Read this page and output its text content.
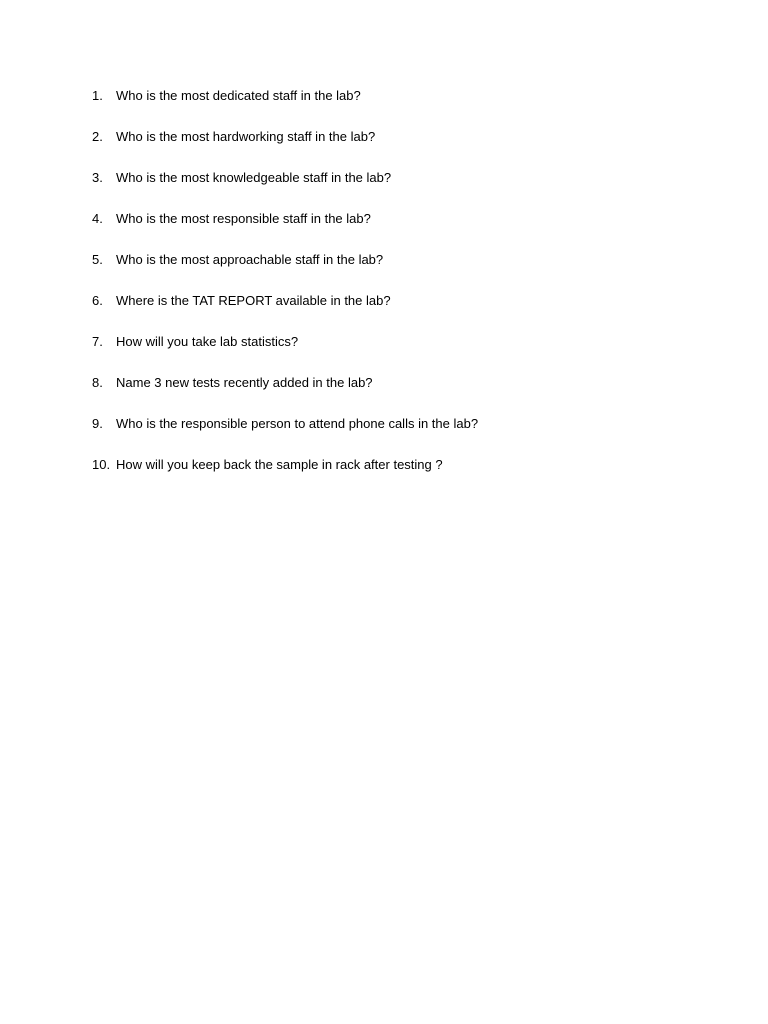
1.	Who is the most dedicated staff in the lab?
2.	Who is the most hardworking staff in the lab?
3.	Who is the most knowledgeable staff in the lab?
4.	Who is the most responsible staff in the lab?
5.	Who is the most approachable staff in the lab?
6.	Where is the TAT REPORT available in the lab?
7.	How will you take lab statistics?
8.	Name 3 new tests recently added in the lab?
9.	Who is the responsible person to attend phone calls in the lab?
10. How will you keep back the sample in rack after testing ?
